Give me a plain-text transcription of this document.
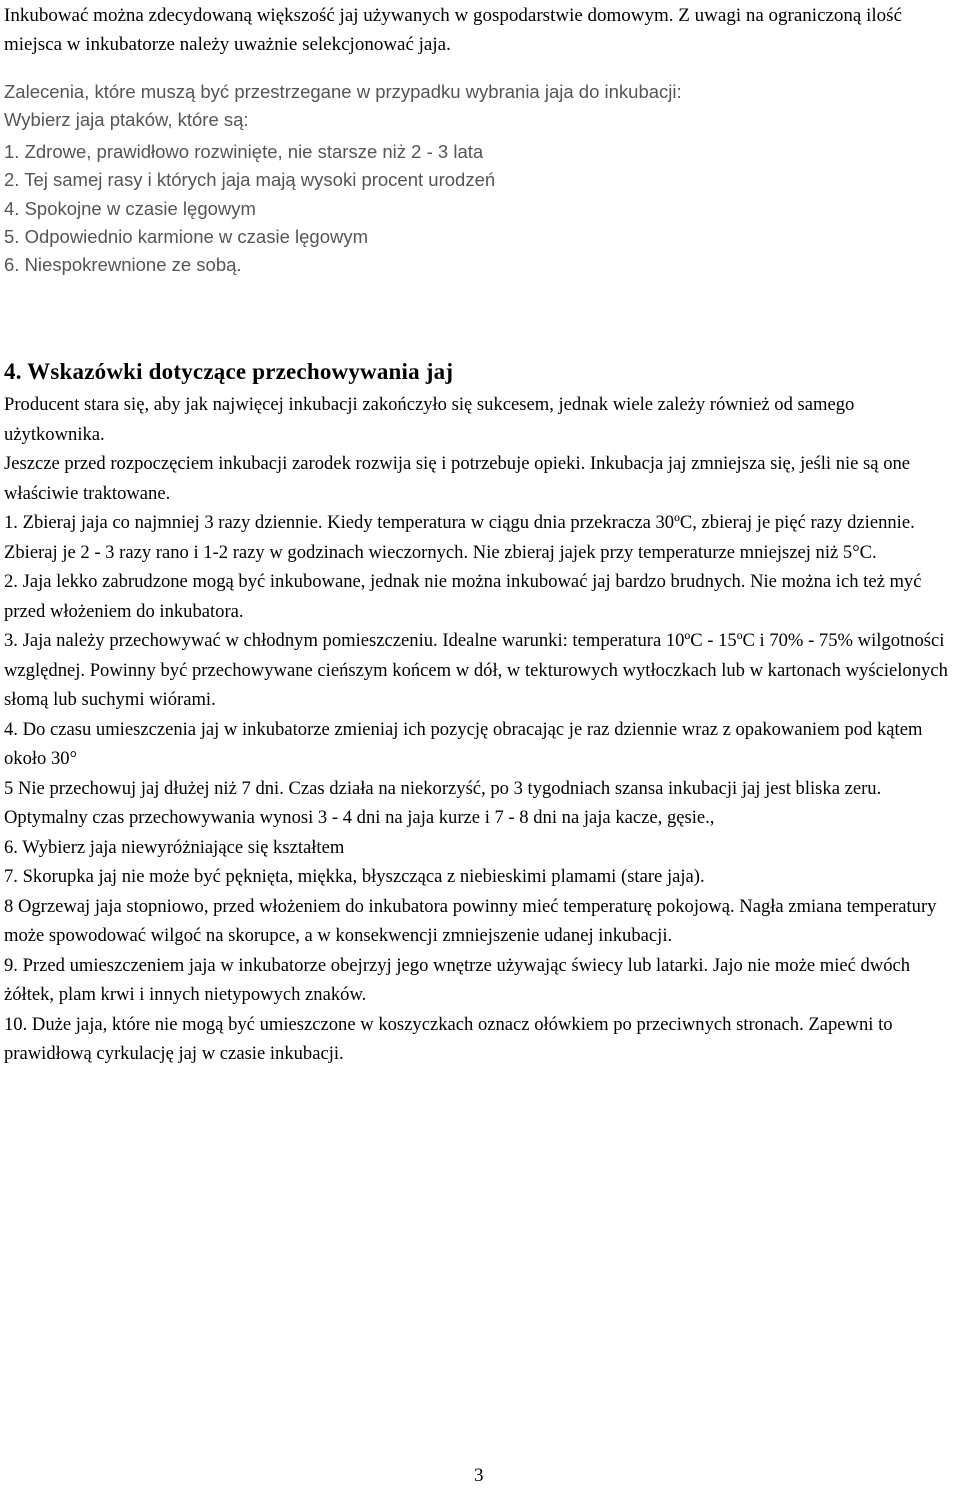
Inkubować można zdecydowaną większość jaj używanych w gospodarstwie domowym. Z uwagi na ograniczoną ilość miejsca w inkubatorze należy uważnie selekcjonować jaja.

Zalecenia, które muszą być przestrzegane w przypadku wybrania jaja do inkubacji:

Wybierz jaja ptaków, które są:

1. Zdrowe, prawidłowo rozwinięte, nie starsze niż 2 - 3 lata

2. Tej samej rasy i których jaja mają wysoki procent urodzeń

4. Spokojne w czasie lęgowym

5. Odpowiednio karmione w czasie lęgowym

6. Niespokrewnione ze sobą.

4. Wskazówki dotyczące przechowywania jaj

Producent stara się, aby jak najwięcej inkubacji zakończyło się sukcesem, jednak wiele zależy również od samego użytkownika.

Jeszcze przed rozpoczęciem inkubacji zarodek rozwija się i potrzebuje opieki. Inkubacja jaj zmniejsza się, jeśli nie są one właściwie traktowane.

1. Zbieraj jaja co najmniej 3 razy dziennie. Kiedy temperatura w ciągu dnia przekracza 30ºC, zbieraj je pięć razy dziennie. Zbieraj je 2 - 3 razy rano i 1-2 razy w godzinach wieczornych. Nie zbieraj jajek przy temperaturze mniejszej niż 5°C.

2. Jaja lekko zabrudzone mogą być inkubowane, jednak nie można inkubować jaj bardzo brudnych. Nie można ich też myć przed włożeniem do inkubatora.

3. Jaja należy przechowywać w chłodnym pomieszczeniu. Idealne warunki: temperatura 10ºC - 15ºC i 70% - 75% wilgotności względnej. Powinny być przechowywane cieńszym końcem w dół, w tekturowych wytłoczkach lub w kartonach wyścielonych słomą lub suchymi wiórami.

4. Do czasu umieszczenia jaj w inkubatorze zmieniaj ich pozycję obracając je raz dziennie wraz z opakowaniem pod kątem około 30°

5 Nie przechowuj jaj dłużej niż 7 dni. Czas działa na niekorzyść, po 3 tygodniach szansa inkubacji jaj jest bliska zeru. Optymalny czas przechowywania wynosi 3 - 4 dni na jaja kurze i 7 - 8 dni na jaja kacze, gęsie.,

6. Wybierz jaja niewyróżniające się kształtem

7. Skorupka jaj nie może być pęknięta, miękka, błyszcząca z niebieskimi plamami (stare jaja).

8 Ogrzewaj jaja stopniowo, przed włożeniem do inkubatora powinny mieć temperaturę pokojową. Nagła zmiana temperatury może spowodować wilgoć na skorupce, a w konsekwencji zmniejszenie udanej inkubacji.

9. Przed umieszczeniem jaja w inkubatorze obejrzyj jego wnętrze używając świecy lub latarki. Jajo nie może mieć dwóch żółtek, plam krwi i innych nietypowych znaków.

10. Duże jaja, które nie mogą być umieszczone w koszyczkach oznacz ołówkiem po przeciwnych stronach. Zapewni to prawidłową cyrkulację jaj w czasie inkubacji.

3
